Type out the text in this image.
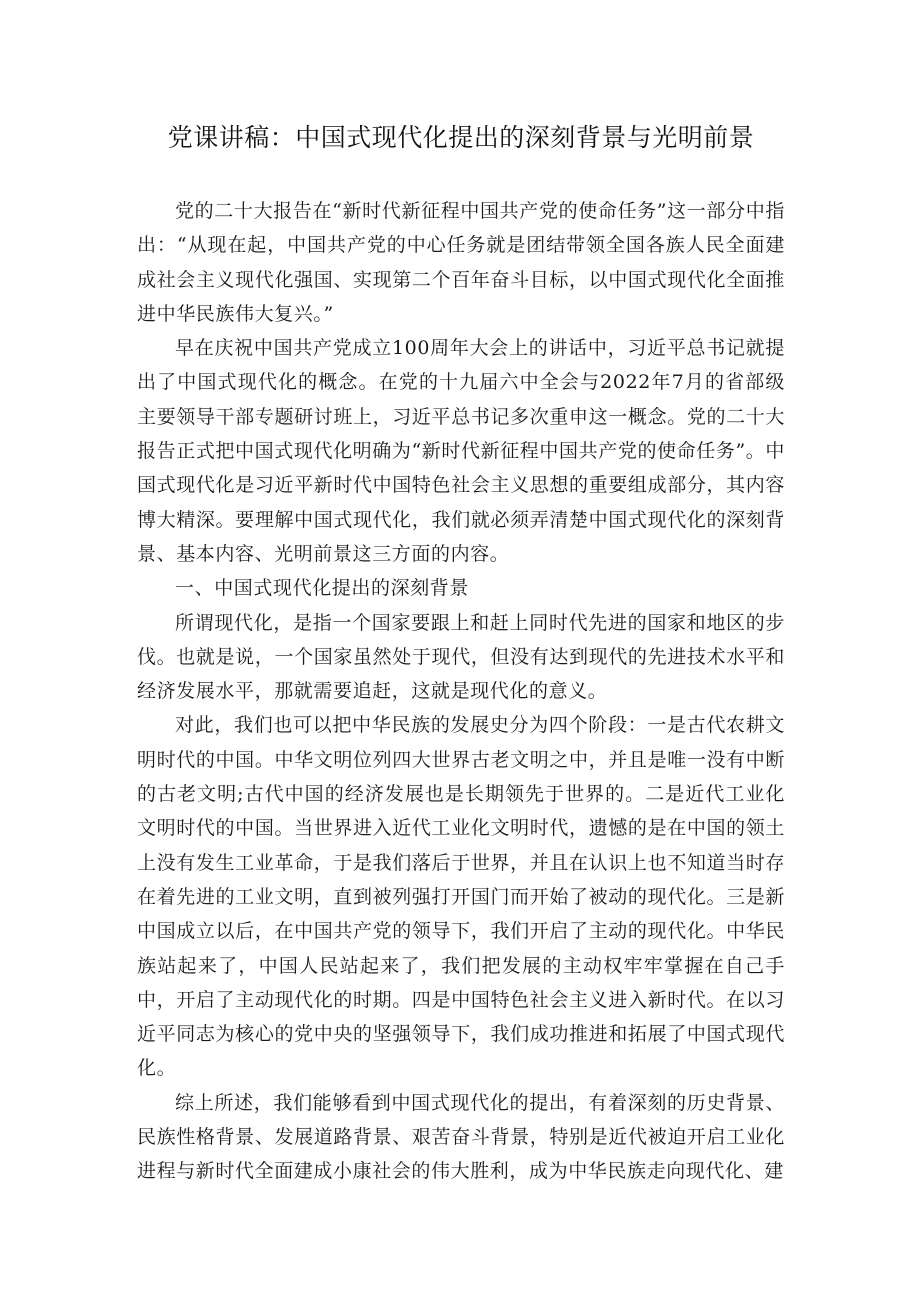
党课讲稿：中国式现代化提出的深刻背景与光明前景

党的二十大报告在“新时代新征程中国共产党的使命任务”这一部分中指出：“从现在起，中国共产党的中心任务就是团结带领全国各族人民全面建成社会主义现代化强国、实现第二个百年奋斗目标，以中国式现代化全面推进中华民族伟大复兴。”

早在庆祝中国共产党成立100周年大会上的讲话中，习近平总书记就提出了中国式现代化的概念。在党的十九届六中全会与2022年7月的省部级主要领导干部专题研讨班上，习近平总书记多次重申这一概念。党的二十大报告正式把中国式现代化明确为“新时代新征程中国共产党的使命任务”。中国式现代化是习近平新时代中国特色社会主义思想的重要组成部分，其内容博大精深。要理解中国式现代化，我们就必须弄清楚中国式现代化的深刻背景、基本内容、光明前景这三方面的内容。

一、中国式现代化提出的深刻背景

所谓现代化，是指一个国家要跟上和赶上同时代先进的国家和地区的步伐。也就是说，一个国家虽然处于现代，但没有达到现代的先进技术水平和经济发展水平，那就需要追赶，这就是现代化的意义。

对此，我们也可以把中华民族的发展史分为四个阶段：一是古代农耕文明时代的中国。中华文明位列四大世界古老文明之中，并且是唯一没有中断的古老文明;古代中国的经济发展也是长期领先于世界的。二是近代工业化文明时代的中国。当世界进入近代工业化文明时代，遗憾的是在中国的领土上没有发生工业革命，于是我们落后于世界，并且在认识上也不知道当时存在着先进的工业文明，直到被列强打开国门而开始了被动的现代化。三是新中国成立以后，在中国共产党的领导下，我们开启了主动的现代化。中华民族站起来了，中国人民站起来了，我们把发展的主动权牢牢掌握在自己手中，开启了主动现代化的时期。四是中国特色社会主义进入新时代。在以习近平同志为核心的党中央的坚强领导下，我们成功推进和拓展了中国式现代化。

综上所述，我们能够看到中国式现代化的提出，有着深刻的历史背景、民族性格背景、发展道路背景、艰苦奋斗背景，特别是近代被迫开启工业化进程与新时代全面建成小康社会的伟大胜利，成为中华民族走向现代化、建
